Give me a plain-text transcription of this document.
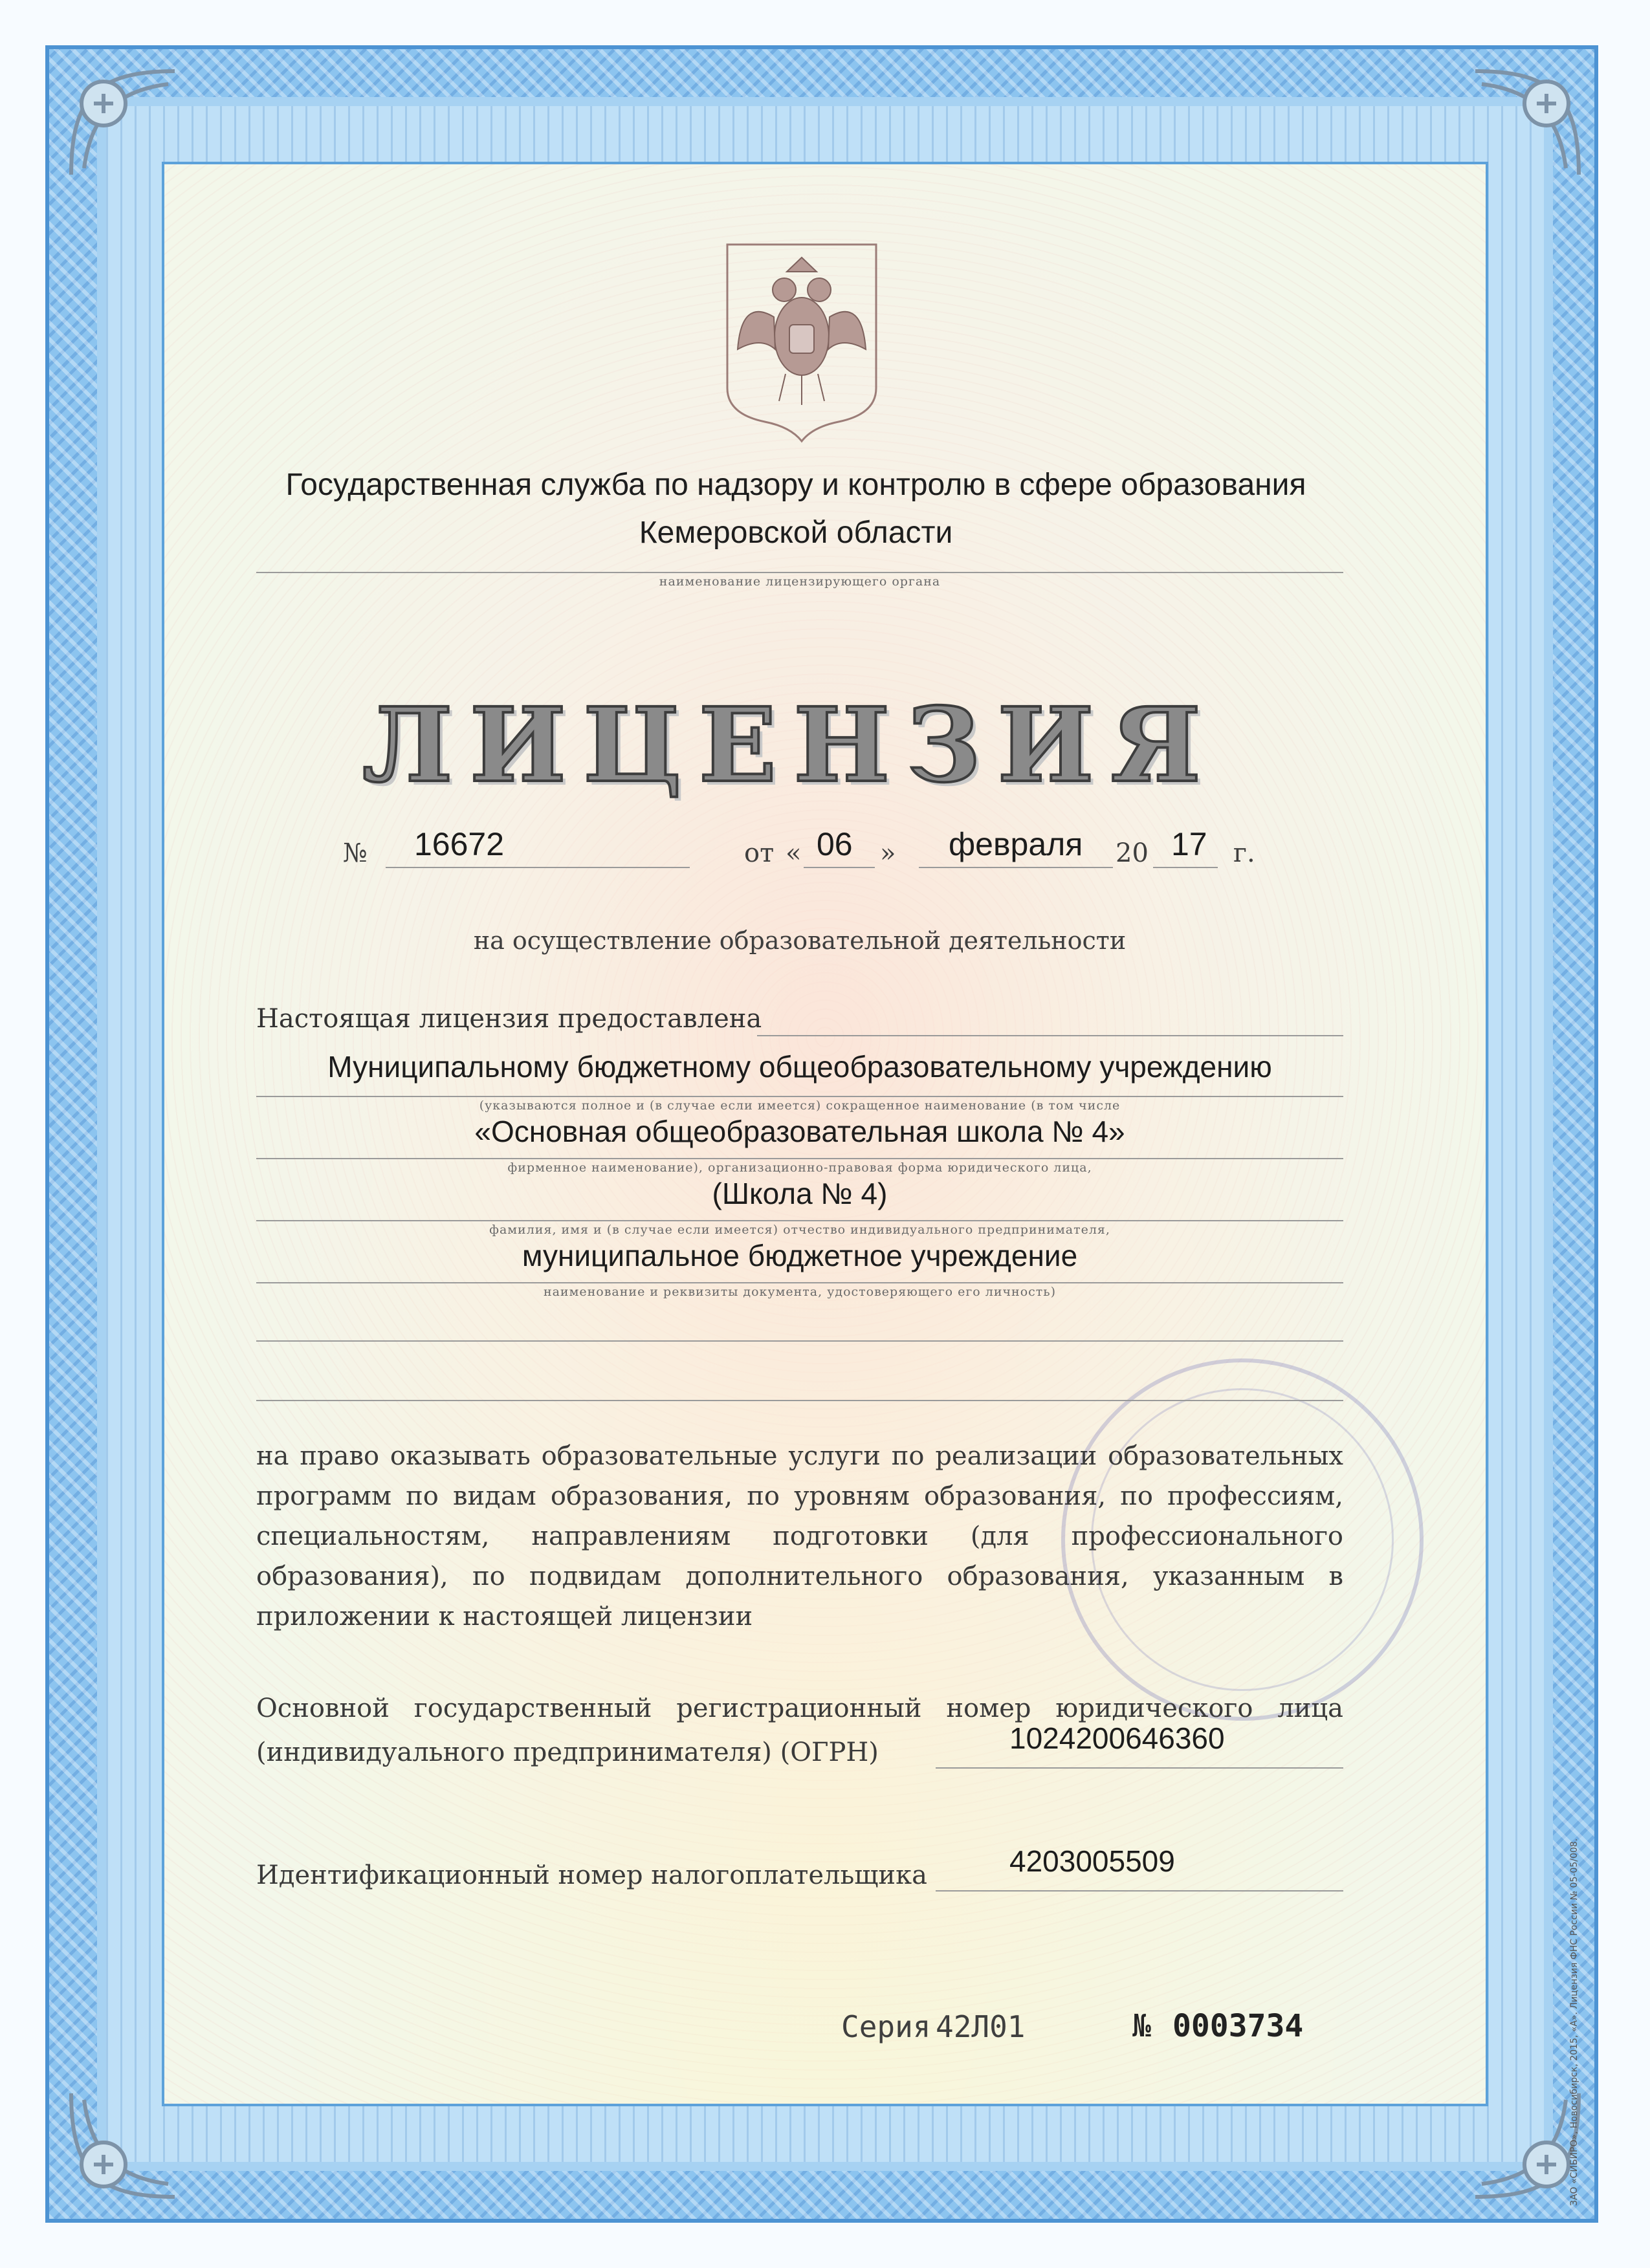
Государственная служба по надзору и контролю в сфере образования
Кемеровской области
наименование лицензирующего органа
ЛИЦЕНЗИЯ
№ 16672	от « 06 » февраля 20 17 г.
на осуществление образовательной деятельности
Настоящая лицензия предоставлена
Муниципальному бюджетному общеобразовательному учреждению
(указываются полное и (в случае если имеется) сокращенное наименование (в том числе
«Основная общеобразовательная школа № 4»
фирменное наименование), организационно-правовая форма юридического лица,
(Школа № 4)
фамилия, имя и (в случае если имеется) отчество индивидуального предпринимателя,
муниципальное бюджетное учреждение
наименование и реквизиты документа, удостоверяющего его личность)
на право оказывать образовательные услуги по реализации образовательных
программ по видам образования, по уровням образования, по профессиям,
специальностям, направлениям подготовки (для профессионального
образования), по подвидам дополнительного образования, указанным в
приложении к настоящей лицензии
Основной государственный регистрационный номер юридического лица
(индивидуального предпринимателя) (ОГРН)	1024200646360
Идентификационный номер налогоплательщика	4203005509
Серия 42Л01	№ 0003734	ЗАО «СИБИРО», Новосибирск, 2015, «А». Лицензия ФНС России № 05-05/008.
